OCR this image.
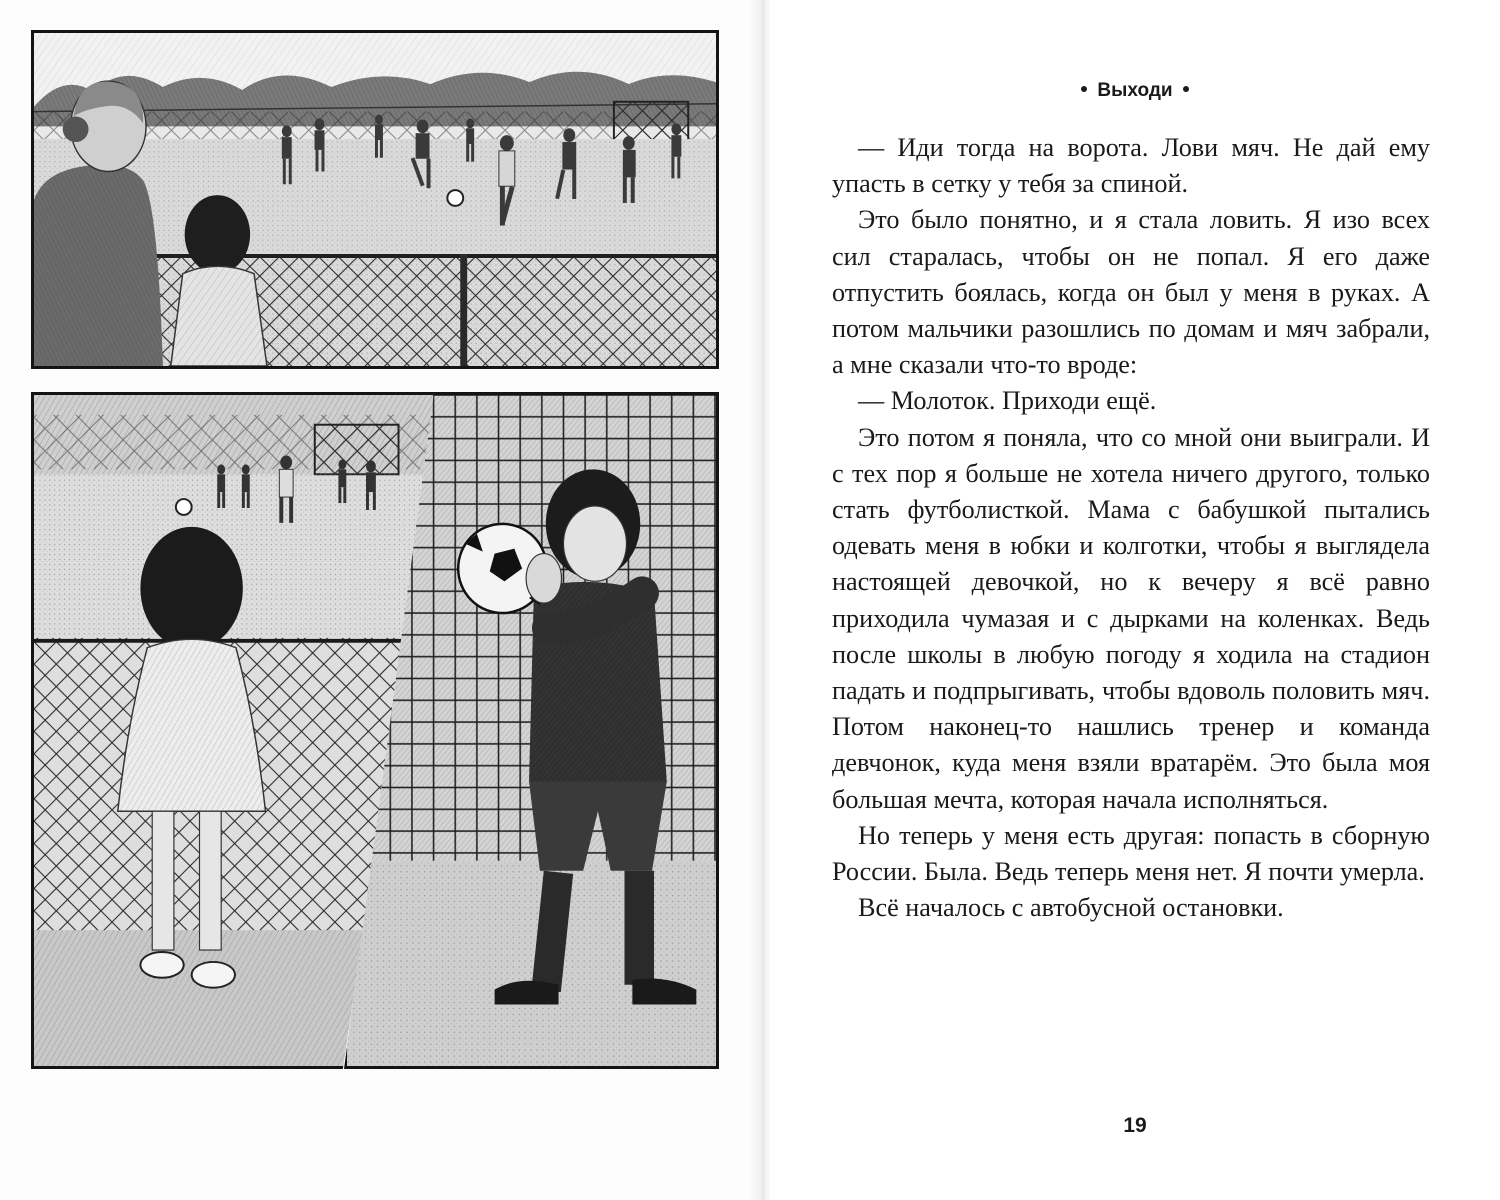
Выходи

— Иди тогда на ворота. Лови мяч. Не дай ему упасть в сетку у тебя за спиной.

Это было понятно, и я стала ловить. Я изо всех сил старалась, чтобы он не попал. Я его даже отпустить боялась, когда он был у меня в руках. А потом мальчики разошлись по домам и мяч забрали, а мне сказали что-то вроде:

— Молоток. Приходи ещё.

Это потом я поняла, что со мной они выиграли. И с тех пор я больше не хотела ничего другого, только стать футболисткой. Мама с бабушкой пытались одевать меня в юбки и колготки, чтобы я выглядела настоящей девочкой, но к вечеру я всё равно приходила чумазая и с дырками на коленках. Ведь после школы в любую погоду я ходила на стадион падать и подпрыгивать, чтобы вдоволь половить мяч. Потом наконец-то нашлись тренер и команда девчонок, куда меня взяли вратарём. Это была моя большая мечта, которая начала исполняться.

Но теперь у меня есть другая: попасть в сборную России. Была. Ведь теперь меня нет. Я почти умерла.

Всё началось с автобусной остановки.

19
